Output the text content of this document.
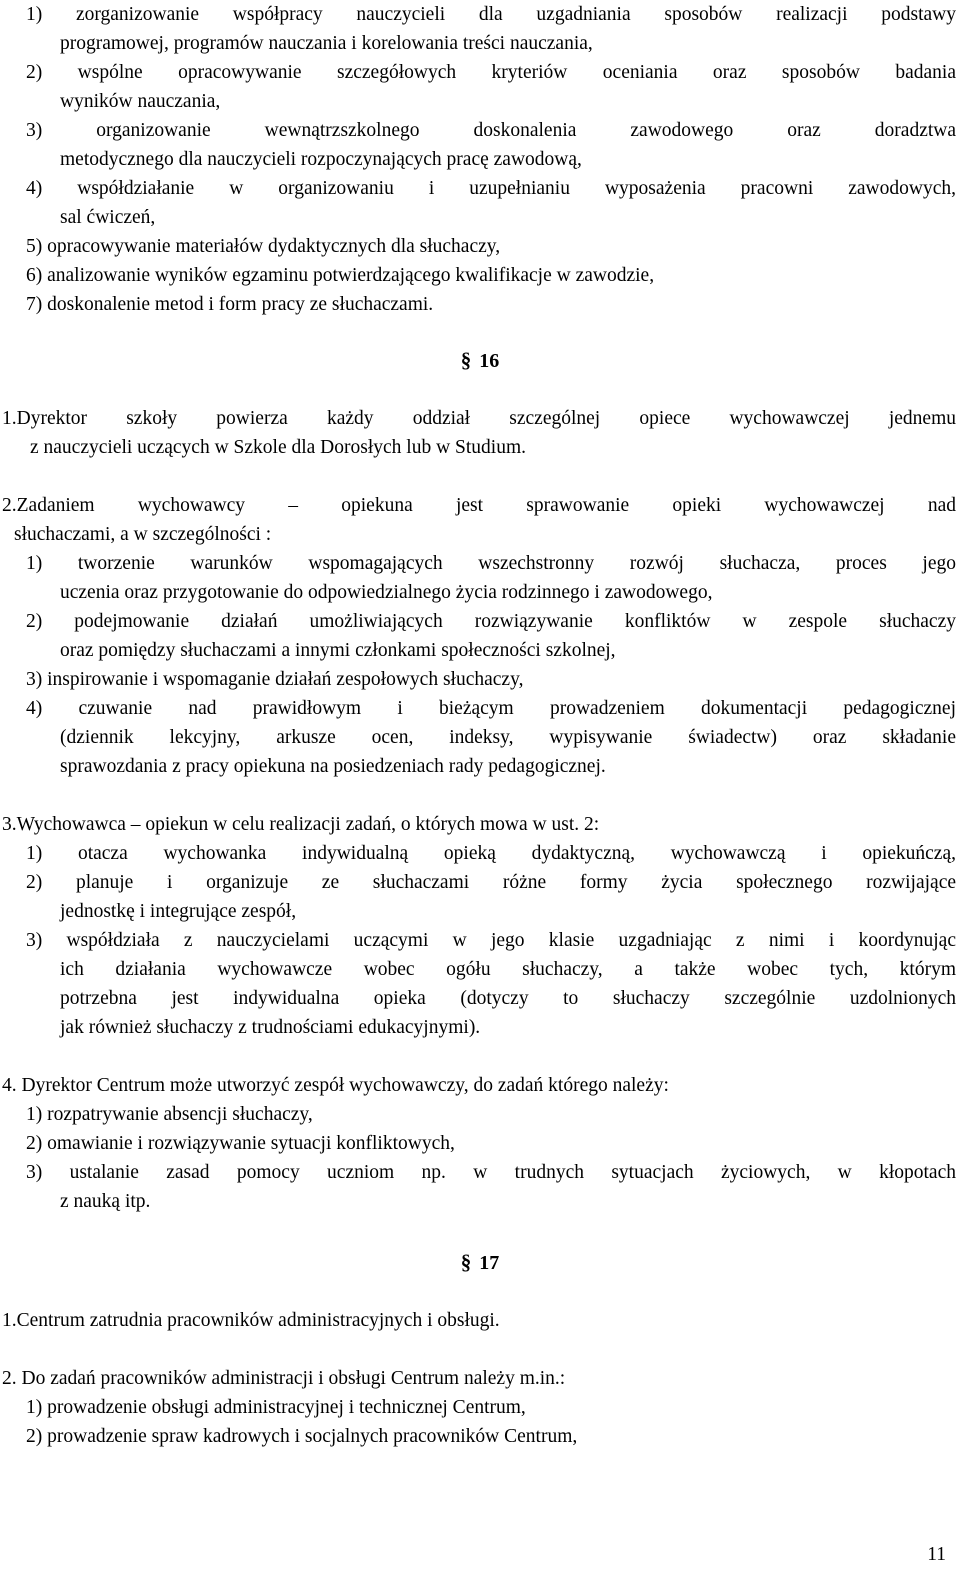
1) zorganizowanie współpracy nauczycieli dla uzgadniania sposobów realizacji podstawy
programowej, programów nauczania i korelowania treści nauczania,
2) wspólne opracowywanie szczegółowych kryteriów oceniania oraz sposobów badania
wyników nauczania,
3) organizowanie wewnątrzszkolnego doskonalenia zawodowego oraz doradztwa
metodycznego dla nauczycieli rozpoczynających pracę zawodową,
4) współdziałanie w organizowaniu i uzupełnianiu wyposażenia pracowni zawodowych,
sal ćwiczeń,
5) opracowywanie materiałów dydaktycznych dla słuchaczy,
6) analizowanie wyników egzaminu potwierdzającego kwalifikacje w zawodzie,
7) doskonalenie metod i form pracy ze słuchaczami.
§ 16
1.Dyrektor szkoły powierza każdy oddział szczególnej opiece wychowawczej jednemu
z nauczycieli uczących w Szkole dla Dorosłych lub w Studium.
2.Zadaniem wychowawcy – opiekuna jest sprawowanie opieki wychowawczej nad
słuchaczami, a w szczególności :
1) tworzenie warunków wspomagających wszechstronny rozwój słuchacza, proces jego
uczenia oraz przygotowanie do odpowiedzialnego życia rodzinnego i zawodowego,
2) podejmowanie działań umożliwiających rozwiązywanie konfliktów w zespole słuchaczy
oraz pomiędzy słuchaczami a innymi członkami społeczności szkolnej,
3) inspirowanie i wspomaganie działań zespołowych słuchaczy,
4) czuwanie nad prawidłowym i bieżącym prowadzeniem dokumentacji pedagogicznej
(dziennik lekcyjny, arkusze ocen, indeksy, wypisywanie świadectw) oraz składanie
sprawozdania z pracy opiekuna na posiedzeniach rady pedagogicznej.
3.Wychowawca – opiekun w celu realizacji zadań, o których mowa w ust. 2:
1) otacza wychowanka indywidualną opieką dydaktyczną, wychowawczą i opiekuńczą,
2) planuje i organizuje ze słuchaczami różne formy życia społecznego rozwijające
jednostkę i integrujące zespół,
3) współdziała z nauczycielami uczącymi w jego klasie uzgadniając z nimi i koordynując
ich działania wychowawcze wobec ogółu słuchaczy, a także wobec tych, którym
potrzebna jest indywidualna opieka (dotyczy to słuchaczy szczególnie uzdolnionych
jak również słuchaczy z trudnościami edukacyjnymi).
4. Dyrektor Centrum może utworzyć zespół wychowawczy, do zadań którego należy:
1) rozpatrywanie absencji słuchaczy,
2) omawianie i rozwiązywanie sytuacji konfliktowych,
3) ustalanie zasad pomocy uczniom np. w trudnych sytuacjach życiowych, w kłopotach
z nauką itp.
§ 17
1.Centrum zatrudnia pracowników administracyjnych i obsługi.
2. Do zadań pracowników administracji i obsługi Centrum należy m.in.:
1) prowadzenie obsługi administracyjnej i technicznej Centrum,
2) prowadzenie spraw kadrowych i socjalnych pracowników Centrum,
11
